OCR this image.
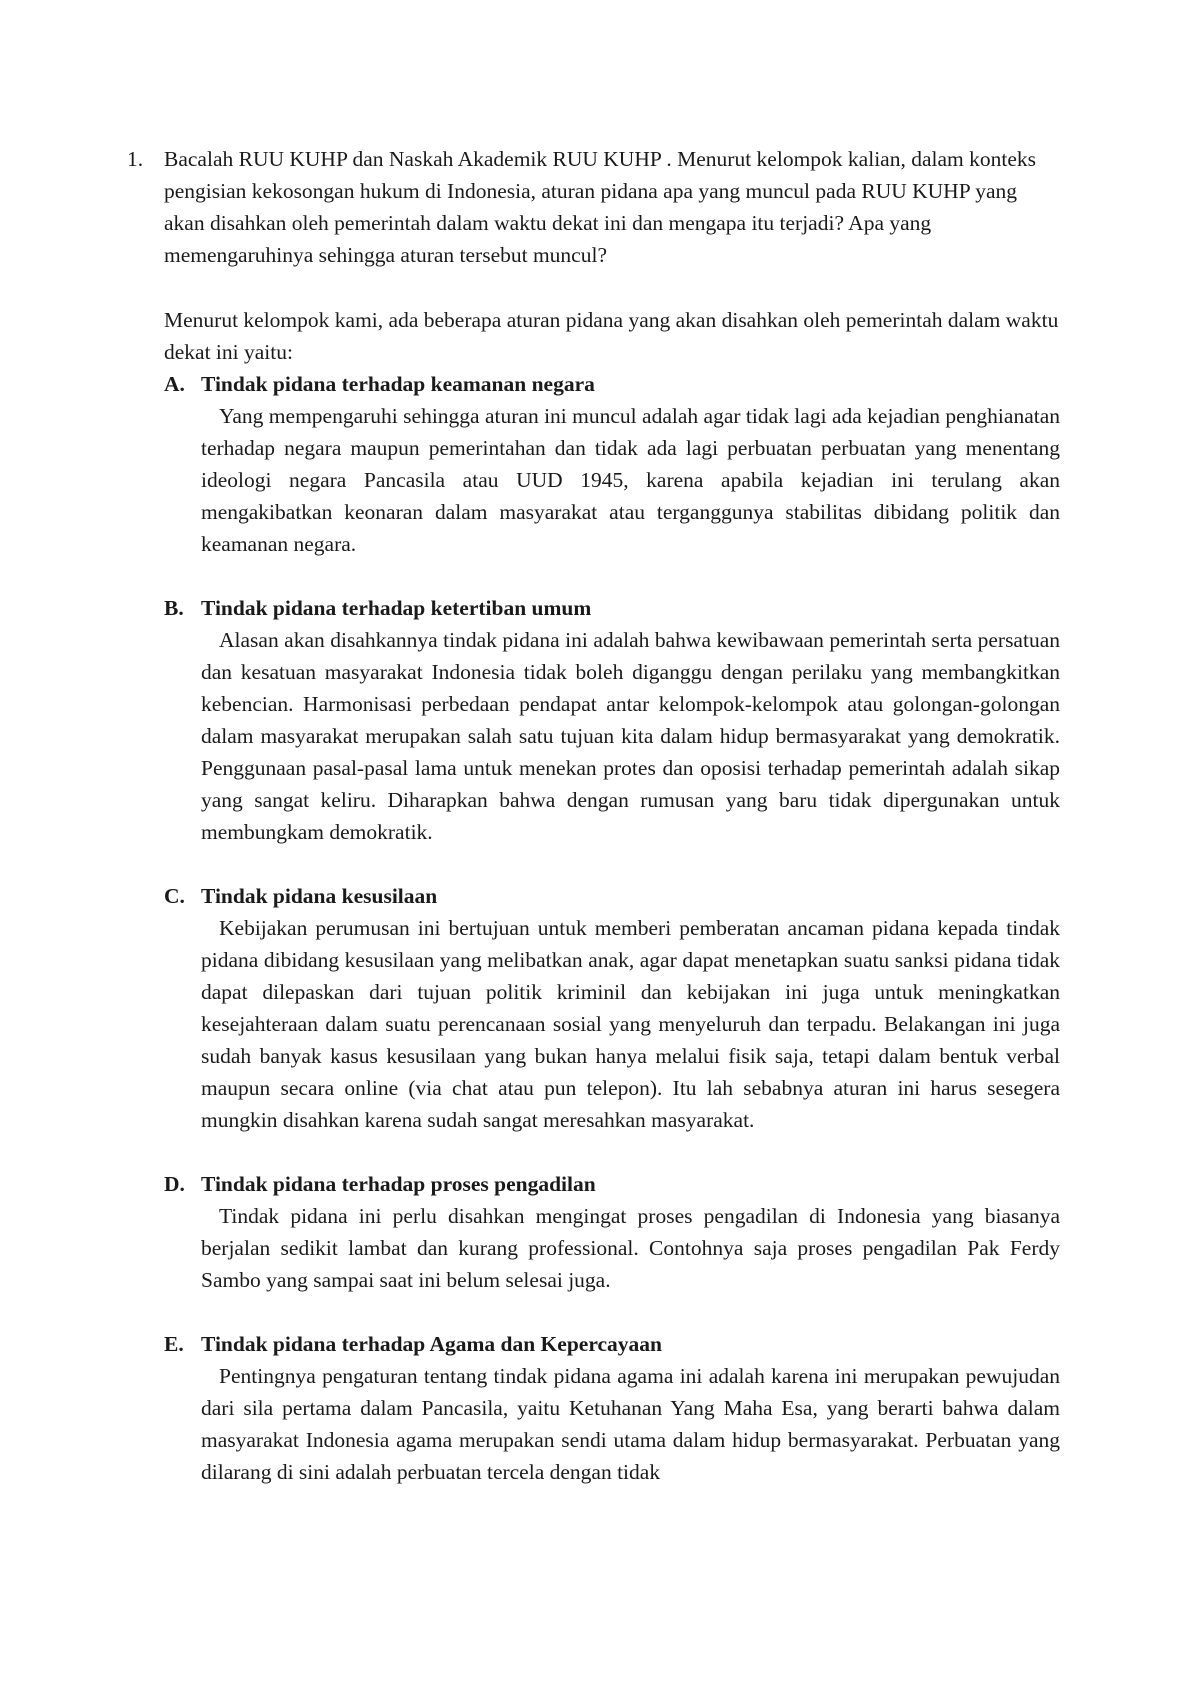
1. Bacalah RUU KUHP dan Naskah Akademik RUU KUHP . Menurut kelompok kalian, dalam konteks pengisian kekosongan hukum di Indonesia, aturan pidana apa yang muncul pada RUU KUHP yang akan disahkan oleh pemerintah dalam waktu dekat ini dan mengapa itu terjadi? Apa yang memengaruhinya sehingga aturan tersebut muncul?
Menurut kelompok kami, ada beberapa aturan pidana yang akan disahkan oleh pemerintah dalam waktu dekat ini yaitu:
A. Tindak pidana terhadap keamanan negara
Yang mempengaruhi sehingga aturan ini muncul adalah agar tidak lagi ada kejadian penghianatan terhadap negara maupun pemerintahan dan tidak ada lagi perbuatan perbuatan yang menentang ideologi negara Pancasila atau UUD 1945, karena apabila kejadian ini terulang akan mengakibatkan keonaran dalam masyarakat atau terganggunya stabilitas dibidang politik dan keamanan negara.
B. Tindak pidana terhadap ketertiban umum
Alasan akan disahkannya tindak pidana ini adalah bahwa kewibawaan pemerintah serta persatuan dan kesatuan masyarakat Indonesia tidak boleh diganggu dengan perilaku yang membangkitkan kebencian. Harmonisasi perbedaan pendapat antar kelompok-kelompok atau golongan-golongan dalam masyarakat merupakan salah satu tujuan kita dalam hidup bermasyarakat yang demokratik. Penggunaan pasal-pasal lama untuk menekan protes dan oposisi terhadap pemerintah adalah sikap yang sangat keliru. Diharapkan bahwa dengan rumusan yang baru tidak dipergunakan untuk membungkam demokratik.
C. Tindak pidana kesusilaan
Kebijakan perumusan ini bertujuan untuk memberi pemberatan ancaman pidana kepada tindak pidana dibidang kesusilaan yang melibatkan anak, agar dapat menetapkan suatu sanksi pidana tidak dapat dilepaskan dari tujuan politik kriminil dan kebijakan ini juga untuk meningkatkan kesejahteraan dalam suatu perencanaan sosial yang menyeluruh dan terpadu. Belakangan ini juga sudah banyak kasus kesusilaan yang bukan hanya melalui fisik saja, tetapi dalam bentuk verbal maupun secara online (via chat atau pun telepon). Itu lah sebabnya aturan ini harus sesegera mungkin disahkan karena sudah sangat meresahkan masyarakat.
D. Tindak pidana terhadap proses pengadilan
Tindak pidana ini perlu disahkan mengingat proses pengadilan di Indonesia yang biasanya berjalan sedikit lambat dan kurang professional. Contohnya saja proses pengadilan Pak Ferdy Sambo yang sampai saat ini belum selesai juga.
E. Tindak pidana terhadap Agama dan Kepercayaan
Pentingnya pengaturan tentang tindak pidana agama ini adalah karena ini merupakan pewujudan dari sila pertama dalam Pancasila, yaitu Ketuhanan Yang Maha Esa, yang berarti bahwa dalam masyarakat Indonesia agama merupakan sendi utama dalam hidup bermasyarakat. Perbuatan yang dilarang di sini adalah perbuatan tercela dengan tidak
